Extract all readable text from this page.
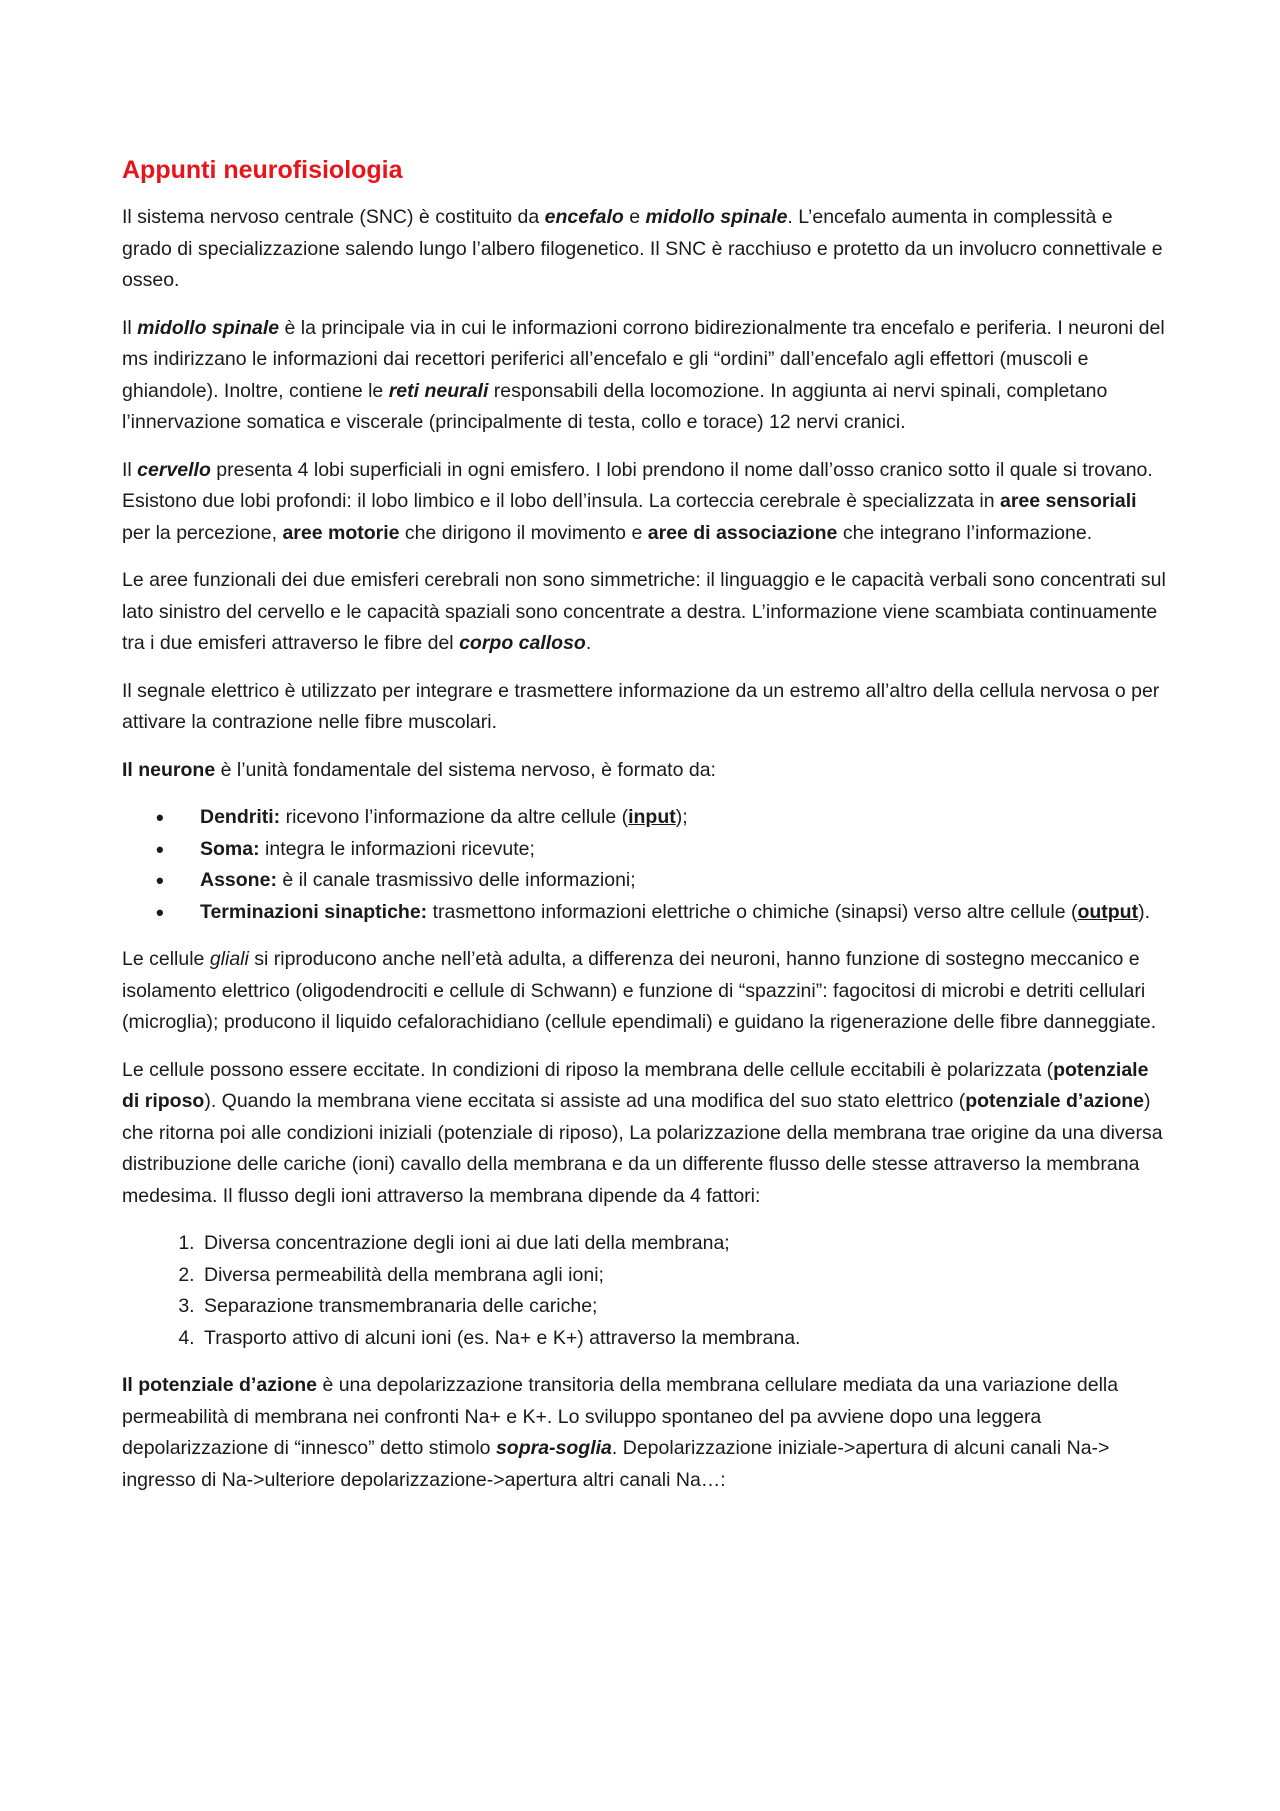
Appunti neurofisiologia

Il sistema nervoso centrale (SNC) è costituito da encefalo e midollo spinale. L’encefalo aumenta in complessità e grado di specializzazione salendo lungo l’albero filogenetico. Il SNC è racchiuso e protetto da un involucro connettivale e osseo.

Il midollo spinale è la principale via in cui le informazioni corrono bidirezionalmente tra encefalo e periferia. I neuroni del ms indirizzano le informazioni dai recettori periferici all’encefalo e gli “ordini” dall’encefalo agli effettori (muscoli e ghiandole). Inoltre, contiene le reti neurali responsabili della locomozione. In aggiunta ai nervi spinali, completano l’innervazione somatica e viscerale (principalmente di testa, collo e torace) 12 nervi cranici.

Il cervello presenta 4 lobi superficiali in ogni emisfero. I lobi prendono il nome dall’osso cranico sotto il quale si trovano. Esistono due lobi profondi: il lobo limbico e il lobo dell’insula. La corteccia cerebrale è specializzata in aree sensoriali per la percezione, aree motorie che dirigono il movimento e aree di associazione che integrano l’informazione.

Le aree funzionali dei due emisferi cerebrali non sono simmetriche: il linguaggio e le capacità verbali sono concentrati sul lato sinistro del cervello e le capacità spaziali sono concentrate a destra. L’informazione viene scambiata continuamente tra i due emisferi attraverso le fibre del corpo calloso.

Il segnale elettrico è utilizzato per integrare e trasmettere informazione da un estremo all’altro della cellula nervosa o per attivare la contrazione nelle fibre muscolari.

Il neurone è l’unità fondamentale del sistema nervoso, è formato da:

• Dendriti: ricevono l’informazione da altre cellule (input);
• Soma: integra le informazioni ricevute;
• Assone: è il canale trasmissivo delle informazioni;
• Terminazioni sinaptiche: trasmettono informazioni elettriche o chimiche (sinapsi) verso altre cellule (output).

Le cellule gliali si riproducono anche nell’età adulta, a differenza dei neuroni, hanno funzione di sostegno meccanico e isolamento elettrico (oligodendrociti e cellule di Schwann) e funzione di “spazzini”: fagocitosi di microbi e detriti cellulari (microglia); producono il liquido cefalorachidiano (cellule ependimali) e guidano la rigenerazione delle fibre danneggiate.

Le cellule possono essere eccitate. In condizioni di riposo la membrana delle cellule eccitabili è polarizzata (potenziale di riposo). Quando la membrana viene eccitata si assiste ad una modifica del suo stato elettrico (potenziale d’azione) che ritorna poi alle condizioni iniziali (potenziale di riposo), La polarizzazione della membrana trae origine da una diversa distribuzione delle cariche (ioni) cavallo della membrana e da un differente flusso delle stesse attraverso la membrana medesima. Il flusso degli ioni attraverso la membrana dipende da 4 fattori:

1. Diversa concentrazione degli ioni ai due lati della membrana;
2. Diversa permeabilità della membrana agli ioni;
3. Separazione transmembranaria delle cariche;
4. Trasporto attivo di alcuni ioni (es. Na+ e K+) attraverso la membrana.

Il potenziale d’azione è una depolarizzazione transitoria della membrana cellulare mediata da una variazione della permeabilità di membrana nei confronti Na+ e K+. Lo sviluppo spontaneo del pa avviene dopo una leggera depolarizzazione di “innesco” detto stimolo sopra-soglia. Depolarizzazione iniziale->apertura di alcuni canali Na-> ingresso di Na->ulteriore depolarizzazione->apertura altri canali Na…:
